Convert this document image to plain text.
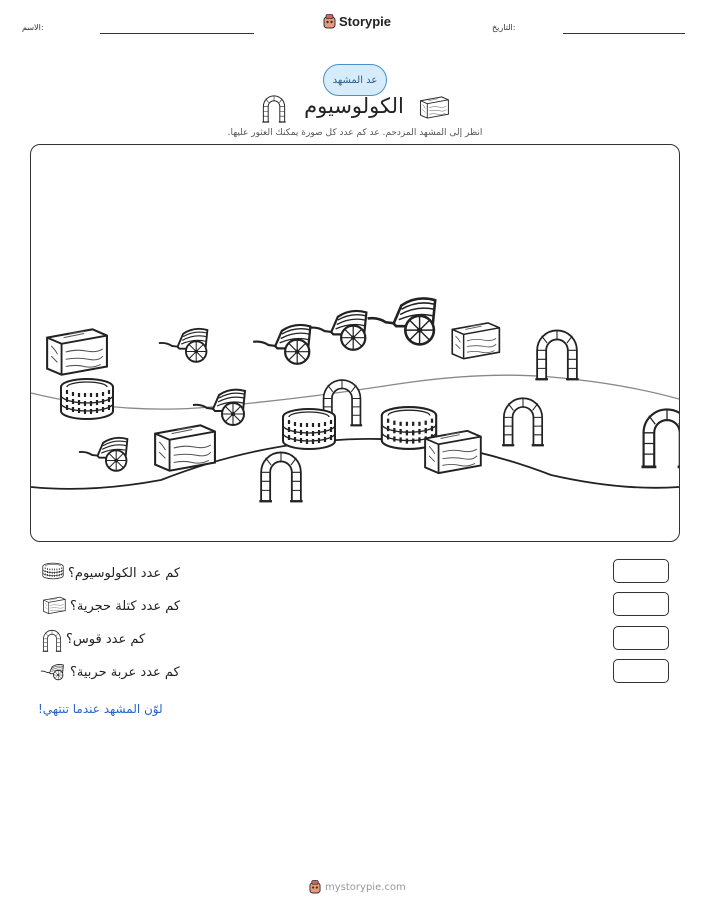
الاسم:	Storypie	التاريخ:
عد المشهد
الكولوسيوم
انظر إلى المشهد المزدحم. عد كم عدد كل صورة يمكنك العثور عليها.
كم عدد الكولوسيوم؟
كم عدد كتلة حجرية؟
كم عدد قوس؟
كم عدد عربة حربية؟
لوّن المشهد عندما تنتهي!
mystorypie.com
